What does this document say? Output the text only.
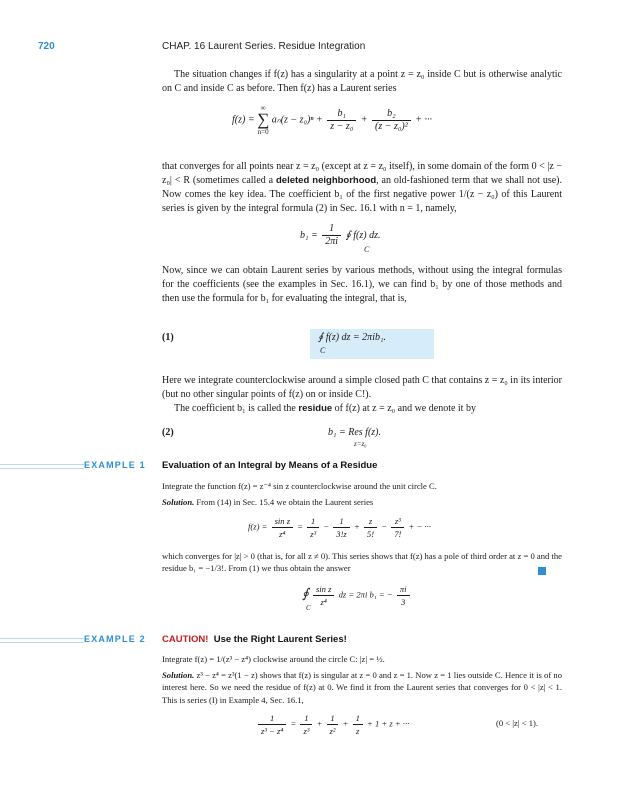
720	CHAP. 16 Laurent Series. Residue Integration
The situation changes if f(z) has a singularity at a point z = z₀ inside C but is otherwise analytic on C and inside C as before. Then f(z) has a Laurent series
f(z) =
∞
∑
n=0
$a_n(z - z_0)^n + \frac{\text{b₁}}{\text{z − z₀}} + \frac{\text{b₂}}{\text{(z − z₀)²}}$ + ···
that converges for all points near z = z₀ (except at z = z₀ itself), in some domain of the form 0 < |z − z₀| < R (sometimes called a deleted neighborhood, an old-fashioned term that we shall not use). Now comes the key idea. The coefficient b₁ of the first negative power 1/(z − z₀) of this Laurent series is given by the integral formula (2) in Sec. 16.1 with n = 1, namely,
$b_1 = \frac{1}{2\pi i}$ ∮ f(z) dz.
C
Now, since we can obtain Laurent series by various methods, without using the integral formulas for the coefficients (see the examples in Sec. 16.1), we can find b₁ by one of those methods and then use the formula for b₁ for evaluating the integral, that is,
(1)	∮ f(z) dz = 2πib₁.
C
Here we integrate counterclockwise around a simple closed path C that contains z = z₀ in its interior (but no other singular points of f(z) on or inside C!).
The coefficient b₁ is called the residue of f(z) at z = z₀ and we denote it by
(2)	b₁ = Res f(z).
z=z₀
EXAMPLE 1 Evaluation of an Integral by Means of a Residue
Integrate the function f(z) = z⁻⁴ sin z counterclockwise around the unit circle C.
Solution. From (14) in Sec. 15.4 we obtain the Laurent series
$f(z) = \frac{\text{sin z}}{\text{z⁴}} = \frac{1}{\text{z³}} - \frac{1}{3!z} + \frac{z}{5!} - \frac{\text{z³}}{7!}$ + − ···
which converges for |z| > 0 (that is, for all z ≠ 0). This series shows that f(z) has a pole of third order at z = 0 and the residue b₁ = −1/3!. From (1) we thus obtain the answer
∮ $\frac{\text{sin z}}{\text{z⁴}}$ dz = 2πi b₁ = − $\frac{\pi i}{3}$
C
EXAMPLE 2 CAUTION! Use the Right Laurent Series!
Integrate f(z) = 1/(z³ − z⁴) clockwise around the circle C: |z| = ½.
Solution. z³ − z⁴ = z³(1 − z) shows that f(z) is singular at z = 0 and z = 1. Now z = 1 lies outside C. Hence it is of no interest here. So we need the residue of f(z) at 0. We find it from the Laurent series that converges for 0 < |z| < 1. This is series (I) in Example 4, Sec. 16.1,
$\frac{1}{\text{z³ − z⁴}} = \frac{1}{\text{z³}} + \frac{1}{\text{z²}} + \frac{1}{z} + 1 + z$ + ···	(0 < |z| < 1).
